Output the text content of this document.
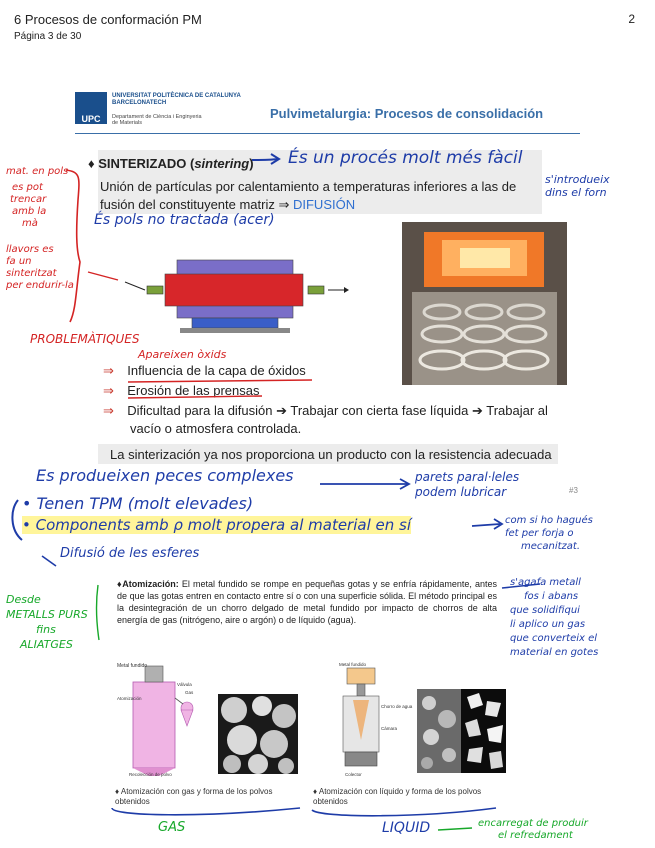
6 Procesos de conformación PM
Página 3 de 30
2
UPC
UNIVERSITAT POLITÈCNICA DE CATALUNYA
BARCELONATECH
Departament de Ciència i Enginyeria
de Materials
Pulvimetalurgia: Procesos de consolidación
♦ SINTERIZADO (sintering)
Unión de partículas por calentamiento a temperaturas inferiores a las de
fusión del constituyente matriz ⇒ DIFUSIÓN
⇒ Influencia de la capa de óxidos
⇒ Erosión de las prensas
⇒ Dificultad para la difusión ➔ Trabajar con cierta fase líquida ➔ Trabajar al
vacío o atmosfera controlada.
La sinterización ya nos proporciona un producto con la resistencia adecuada
#3
♦Atomización: El metal fundido se rompe en pequeñas gotas y se enfría rápidamente, antes de que las gotas entren en contacto entre sí o con una superficie sólida. El método principal es la desintegración de un chorro delgado de metal fundido por impacto de chorros de alta energía de gas (nitrógeno, aire o argón) o de líquido (agua).
Metal fundido
Válvula
Gas
Atomización
Recolección de polvo
Metal fundido
Chorro de agua
Cámara
Colector
♦ Atomización con gas y forma de los polvos obtenidos
♦ Atomización con líquido y forma de los polvos obtenidos
És un procés molt més fàcil
És pols no tractada (acer)
mat. en pols
es pot
trencar
amb la
mà
llavors es
fa un
sinteritzat
per endurir-la
PROBLEMÀTIQUES
Apareixen òxids
s'introdueix
dins el forn
Es produeixen peces complexes	parets paral·leles
podem lubricar
• Tenen TPM (molt elevades)
• Components amb ρ molt propera al material en sí	com si ho hagués
fet per forja o
mecanitzat.
Difusió de les esferes
Desde
METALLS PURS
fins
ALIATGES
s'agafa metall
fos i abans
que solidifiqui
li aplico un gas
que converteix el
material en gotes
GAS	LIQUID	encarregat de produir
el refredament
